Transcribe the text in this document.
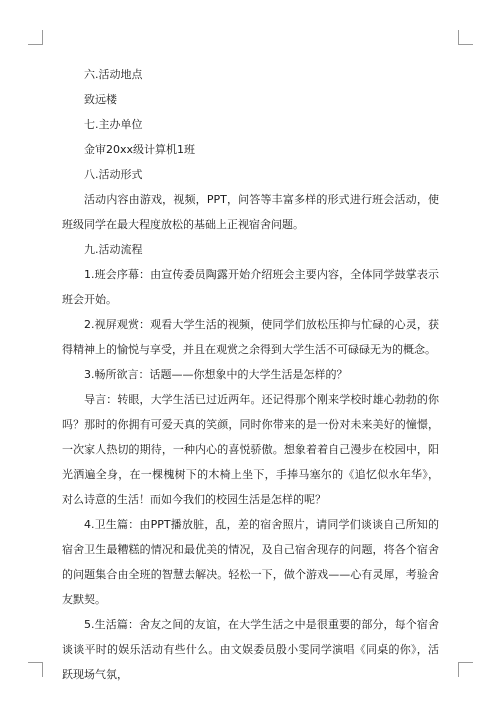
六.活动地点

致远楼

七.主办单位

金审20xx级计算机1班

八.活动形式

活动内容由游戏，视频，PPT，问答等丰富多样的形式进行班会活动，使班级同学在最大程度放松的基础上正视宿舍问题。

九.活动流程

1.班会序幕：由宣传委员陶露开始介绍班会主要内容，全体同学鼓掌表示班会开始。

2.视屏观赏：观看大学生活的视频，使同学们放松压抑与忙碌的心灵，获得精神上的愉悦与享受，并且在观赏之余得到大学生活不可碌碌无为的概念。

3.畅所欲言：话题——你想象中的大学生活是怎样的？

导言：转眼，大学生活已过近两年。还记得那个刚来学校时雄心勃勃的你吗？那时的你拥有可爱天真的笑颜，同时你带来的是一份对未来美好的憧憬，一次家人热切的期待，一种内心的喜悦骄傲。想象着着自己漫步在校园中，阳光洒遍全身，在一棵槐树下的木椅上坐下，手捧马塞尔的《追忆似水年华》，对么诗意的生活！而如今我们的校园生活是怎样的呢？

4.卫生篇：由PPT播放脏，乱，差的宿舍照片，请同学们谈谈自己所知的宿舍卫生最糟糕的情况和最优美的情况，及自己宿舍现存的问题，将各个宿舍的问题集合由全班的智慧去解决。轻松一下，做个游戏——心有灵犀，考验舍友默契。

5.生活篇：舍友之间的友谊，在大学生活之中是很重要的部分，每个宿舍谈谈平时的娱乐活动有些什么。由文娱委员殷小雯同学演唱《同桌的你》，活跃现场气氛，
